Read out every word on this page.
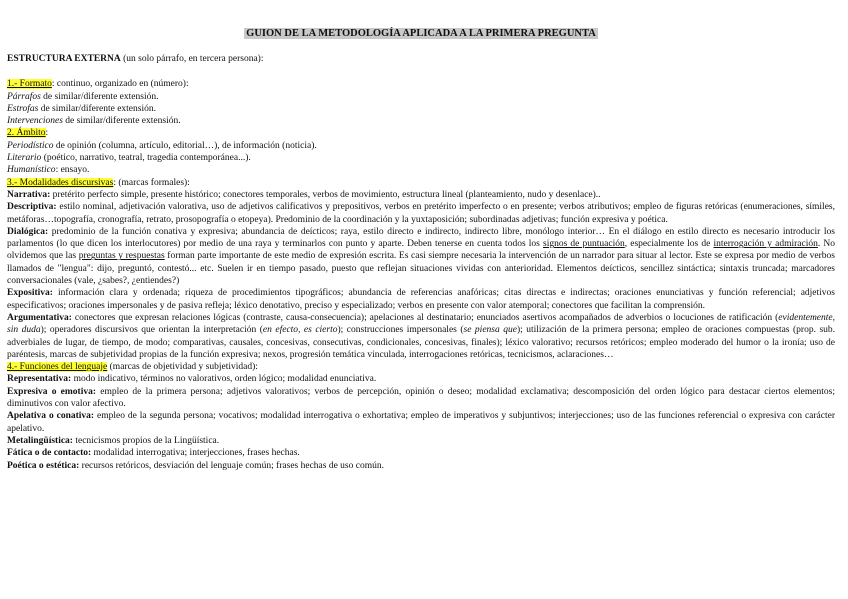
GUION DE LA METODOLOGÍA APLICADA A LA PRIMERA PREGUNTA

ESTRUCTURA EXTERNA (un solo párrafo, en tercera persona):

1.- Formato: continuo, organizado en (número):

Párrafos de similar/diferente extensión.

Estrofas de similar/diferente extensión.

Intervenciones de similar/diferente extensión.

2. Ámbito:

Periodístico de opinión (columna, artículo, editorial…), de información (noticia).

Literario (poético, narrativo, teatral, tragedia contemporánea...).

Humanístico: ensayo.

3.- Modalidades discursivas: (marcas formales):

Narrativa: pretérito perfecto simple, presente histórico; conectores temporales, verbos de movimiento, estructura lineal (planteamiento, nudo y desenlace)..

Descriptiva: estilo nominal, adjetivación valorativa, uso de adjetivos calificativos y prepositivos, verbos en pretérito imperfecto o en presente; verbos atributivos; empleo de figuras retóricas (enumeraciones, símiles, metáforas…topografía, cronografía, retrato, prosopografía o etopeya). Predominio de la coordinación y la yuxtaposición; subordinadas adjetivas; función expresiva y poética.

Dialógica: predominio de la función conativa y expresiva; abundancia de deícticos; raya, estilo directo e indirecto, indirecto libre, monólogo interior… En el diálogo en estilo directo es necesario introducir los parlamentos (lo que dicen los interlocutores) por medio de una raya y terminarlos con punto y aparte. Deben tenerse en cuenta todos los signos de puntuación, especialmente los de interrogación y admiración. No olvidemos que las preguntas y respuestas forman parte importante de este medio de expresión escrita. Es casi siempre necesaria la intervención de un narrador para situar al lector. Este se expresa por medio de verbos llamados de "lengua": dijo, preguntó, contestó... etc. Suelen ir en tiempo pasado, puesto que reflejan situaciones vividas con anterioridad. Elementos deícticos, sencillez sintáctica; sintaxis truncada; marcadores conversacionales (vale, ¿sabes?, ¿entiendes?)

Expositiva: información clara y ordenada; riqueza de procedimientos tipográficos; abundancia de referencias anafóricas; citas directas e indirectas; oraciones enunciativas y función referencial; adjetivos especificativos; oraciones impersonales y de pasiva refleja; léxico denotativo, preciso y especializado; verbos en presente con valor atemporal; conectores que facilitan la comprensión.

Argumentativa: conectores que expresan relaciones lógicas (contraste, causa-consecuencia); apelaciones al destinatario; enunciados asertivos acompañados de adverbios o locuciones de ratificación (evidentemente, sin duda); operadores discursivos que orientan la interpretación (en efecto, es cierto); construcciones impersonales (se piensa que); utilización de la primera persona; empleo de oraciones compuestas (prop. sub. adverbiales de lugar, de tiempo, de modo; comparativas, causales, concesivas, consecutivas, condicionales, concesivas, finales); léxico valorativo; recursos retóricos; empleo moderado del humor o la ironía; uso de paréntesis, marcas de subjetividad propias de la función expresiva; nexos, progresión temática vinculada, interrogaciones retóricas, tecnicismos, aclaraciones…

4.- Funciones del lenguaje (marcas de objetividad y subjetividad):

Representativa: modo indicativo, términos no valorativos, orden lógico; modalidad enunciativa.

Expresiva o emotiva: empleo de la primera persona; adjetivos valorativos; verbos de percepción, opinión o deseo; modalidad exclamativa; descomposición del orden lógico para destacar ciertos elementos; diminutivos con valor afectivo.

Apelativa o conativa: empleo de la segunda persona; vocativos; modalidad interrogativa o exhortativa; empleo de imperativos y subjuntivos; interjecciones; uso de las funciones referencial o expresiva con carácter apelativo.

Metalingüística: tecnicismos propios de la Lingüística.

Fática o de contacto: modalidad interrogativa; interjecciones, frases hechas.

Poética o estética: recursos retóricos, desviación del lenguaje común; frases hechas de uso común.
